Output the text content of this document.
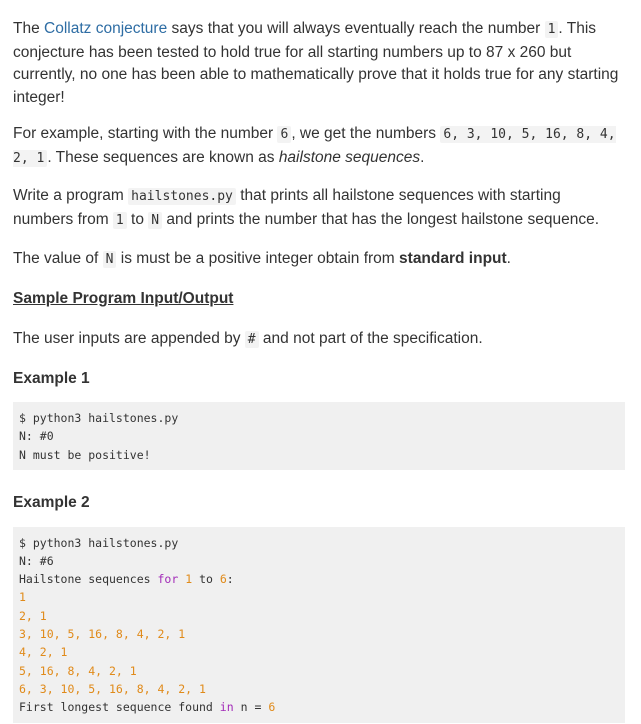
The Collatz conjecture says that you will always eventually reach the number 1 . This conjecture has been tested to hold true for all starting numbers up to 87 x 260 but currently, no one has been able to mathematically prove that it holds true for any starting integer!

For example, starting with the number 6 , we get the numbers 6, 3, 10, 5, 16, 8, 4, 2, 1 . These sequences are known as hailstone sequences.

Write a program hailstones.py that prints all hailstone sequences with starting numbers from 1 to N and prints the number that has the longest hailstone sequence.

The value of N is must be a positive integer obtain from standard input.

Sample Program Input/Output

The user inputs are appended by # and not part of the specification.

Example 1

$ python3 hailstones.py
N: #0
N must be positive!

Example 2

$ python3 hailstones.py
N: #6
Hailstone sequences for 1 to 6:
1
2, 1
3, 10, 5, 16, 8, 4, 2, 1
4, 2, 1
5, 16, 8, 4, 2, 1
6, 3, 10, 5, 16, 8, 4, 2, 1
First longest sequence found in n = 6
